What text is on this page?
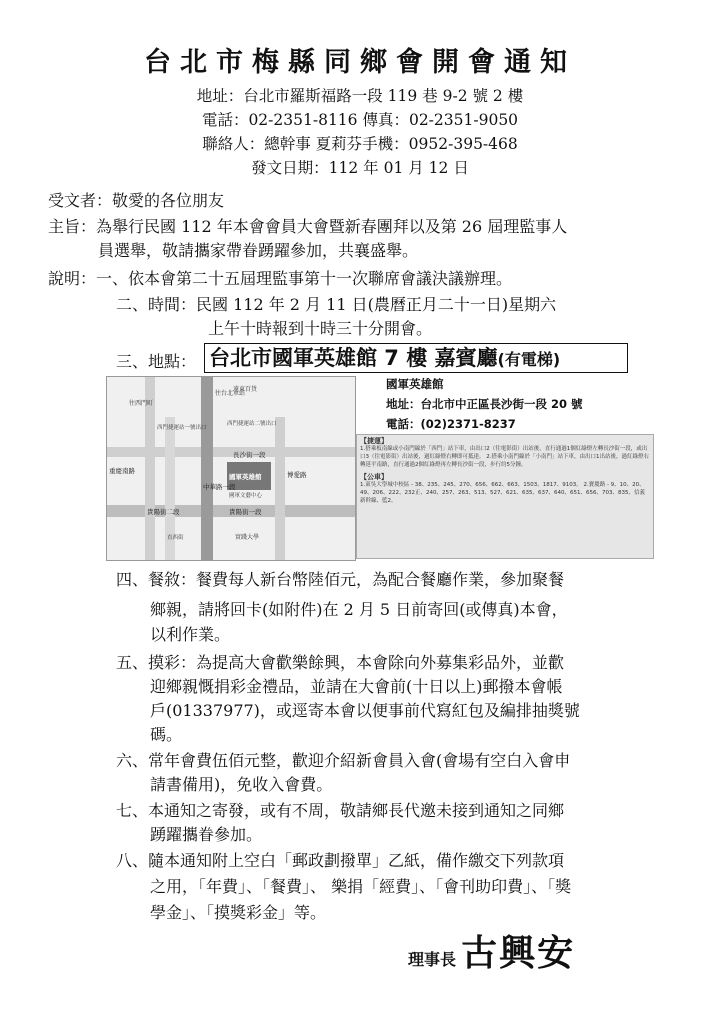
台北市梅縣同鄉會開會通知
地址：台北市羅斯福路一段 119 巷 9-2 號 2 樓
電話：02-2351-8116 傳真：02-2351-9050
聯絡人：總幹事 夏莉芬手機：0952-395-468
發文日期：112 年 01 月 12 日
受文者：敬愛的各位朋友
主旨：為舉行民國 112 年本會會員大會暨新春團拜以及第 26 屆理監事人
員選舉，敬請攜家帶眷踴躍參加，共襄盛舉。
說明：一、依本會第二十五屆理監事第十一次聯席會議決議辦理。
二、時間：民國 112 年 2 月 11 日(農曆正月二十一日)星期六
上午十時報到十時三十分開會。
三、地點： 台北市國軍英雄館 7 樓 嘉賓廳(有電梯)
往西門町
往台北車站
遠東百貨
西門捷運站一號出口
西門捷運站二號出口
長沙街一段
重慶南路
中華路一段
博愛路
國軍英雄館
國軍文藝中心
貴陽街二段	貴陽街一段
直西街	實踐大學
國軍英雄館
地址：台北市中正區長沙街一段 20 號
電話：(02)2371-8237
【捷運】
1.搭乘板南線或小南門線於「西門」站下車，由出口2（往電影街）出站後，直行通過1個紅綠燈左轉長沙街一段，或出口3（往電影街）出站後，過紅綠燈右轉即可抵達。 2.搭乘小南門線於「小南門」站下車，由出口1出站後，過紅綠燈右轉延平南路，直行通過2個紅綠燈再左轉長沙街一段，步行約5分鐘。
【公車】
1.東吳大學城中校區 - 38、235、245、270、656、662、663、1503、1817、9103。 2.寶慶路 - 9、10、20、49、206、222、232正、240、257、263、513、527、621、635、637、640、651、656、703、835、信義新幹線、藍2。
四、餐敘：餐費每人新台幣陸佰元，為配合餐廳作業，參加聚餐
鄉親，請將回卡(如附件)在 2 月 5 日前寄回(或傳真)本會，
以利作業。
五、摸彩：為提高大會歡樂餘興，本會除向外募集彩品外，並歡
迎鄉親慨捐彩金禮品，並請在大會前(十日以上)郵撥本會帳
戶(01337977)，或逕寄本會以便事前代寫紅包及編排抽獎號
碼。
六、常年會費伍佰元整，歡迎介紹新會員入會(會場有空白入會申
請書備用)，免收入會費。
七、本通知之寄發，或有不周，敬請鄉長代邀未接到通知之同鄉
踴躍攜眷參加。
八、隨本通知附上空白「郵政劃撥單」乙紙，備作繳交下列款項
之用，「年費」、「餐費」、 樂捐「經費」、「會刊助印費」、「獎
學金」、「摸獎彩金」等。
理事長 古興安
